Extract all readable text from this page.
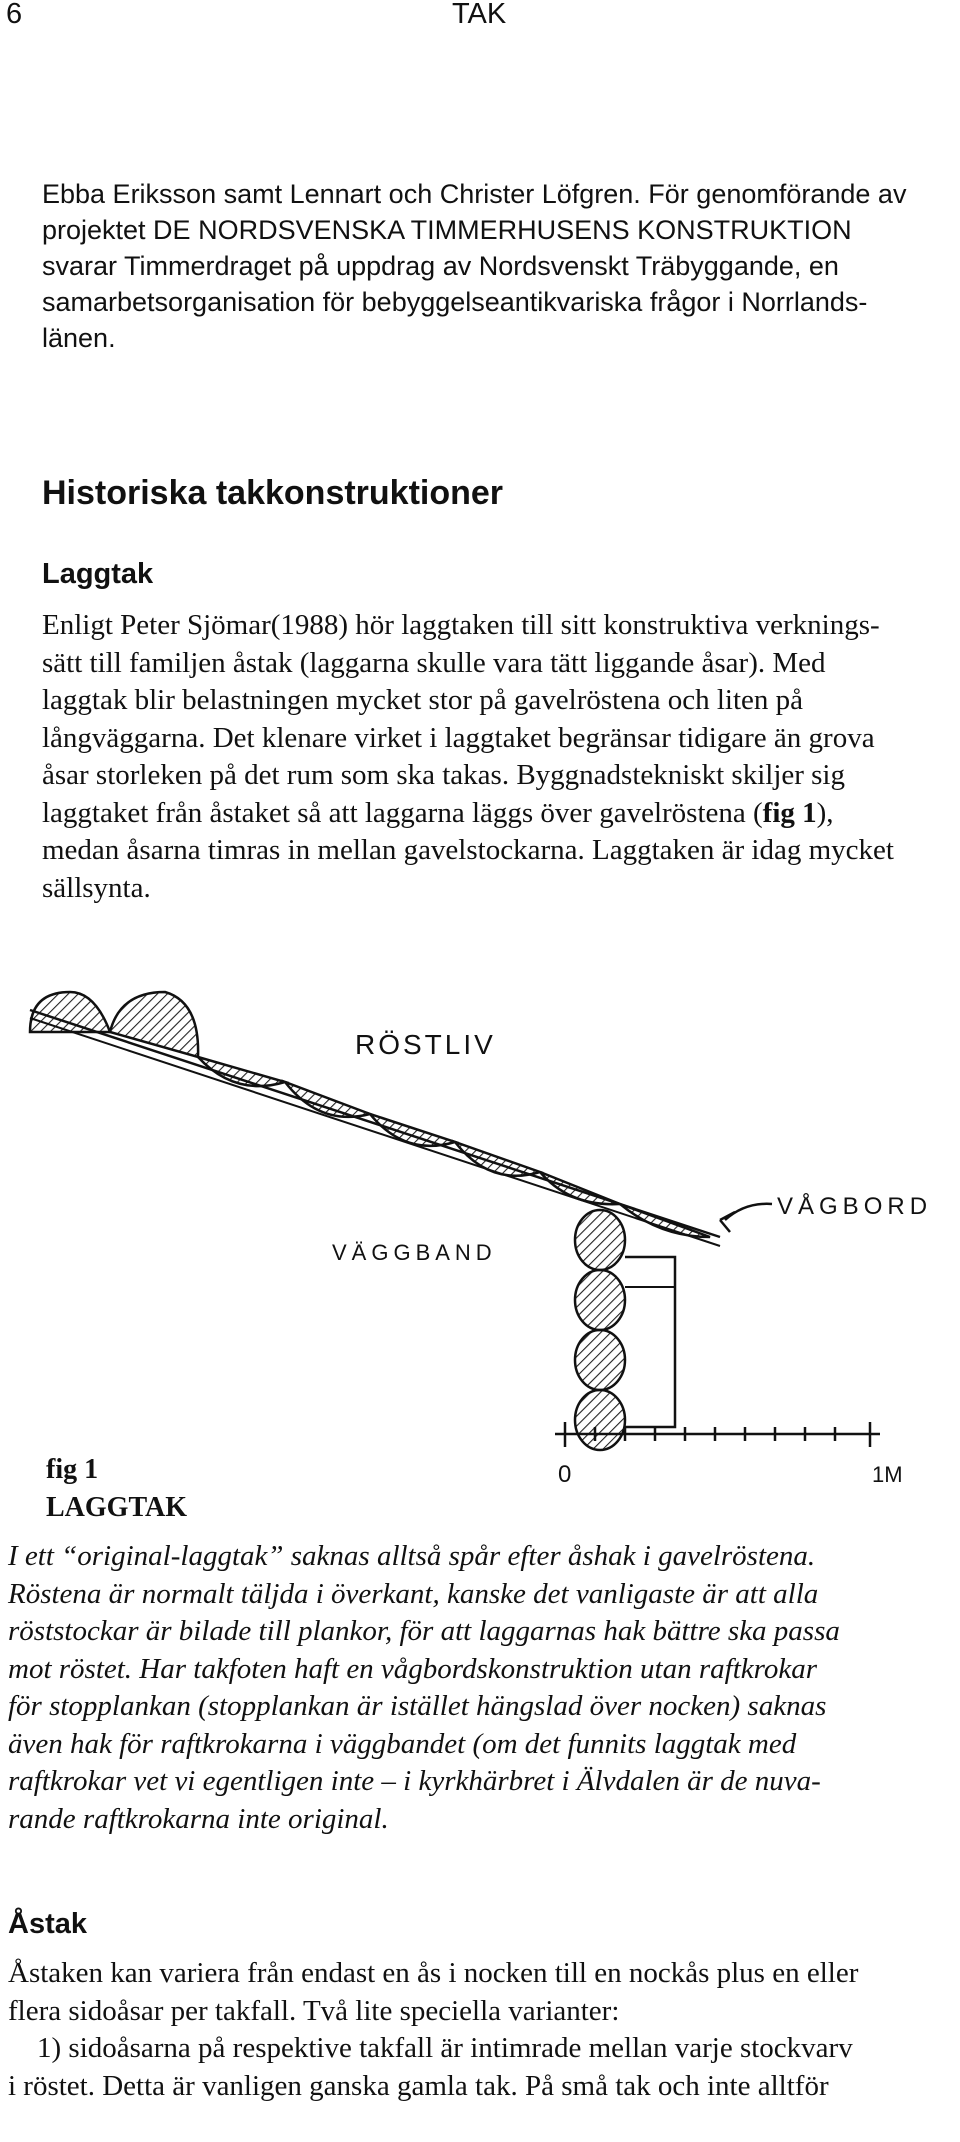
6	TAK

Ebba Eriksson samt Lennart och Christer Löfgren. För genomförande av
projektet DE NORDSVENSKA TIMMERHUSENS KONSTRUKTION
svarar Timmerdraget på uppdrag av Nordsvenskt Träbyggande, en
samarbetsorganisation för bebyggelseantikvariska frågor i Norrlands-
länen.

Historiska takkonstruktioner
Laggtak

Enligt Peter Sjömar(1988) hör laggtaken till sitt konstruktiva verknings-
sätt till familjen åstak (laggarna skulle vara tätt liggande åsar). Med
laggtak blir belastningen mycket stor på gavelröstena och liten på
långväggarna. Det klenare virket i laggtaket begränsar tidigare än grova
åsar storleken på det rum som ska takas. Byggnadstekniskt skiljer sig
laggtaket från åstaket så att laggarna läggs över gavelröstena (fig 1),
medan åsarna timras in mellan gavelstockarna. Laggtaken är idag mycket
sällsynta.

RÖSTLIV
VÅGBORD
VÄGGBAND
0	1M
fig 1
LAGGTAK

I ett “original-laggtak” saknas alltså spår efter åshak i gavelröstena.
Röstena är normalt täljda i överkant, kanske det vanligaste är att alla
röststockar är bilade till plankor, för att laggarnas hak bättre ska passa
mot röstet. Har takfoten haft en vågbordskonstruktion utan raftkrokar
för stopplankan (stopplankan är istället hängslad över nocken) saknas
även hak för raftkrokarna i väggbandet (om det funnits laggtak med
raftkrokar vet vi egentligen inte – i kyrkhärbret i Älvdalen är de nuva-
rande raftkrokarna inte original.

Åstak

Åstaken kan variera från endast en ås i nocken till en nockås plus en eller
flera sidoåsar per takfall. Två lite speciella varianter:
1) sidoåsarna på respektive takfall är intimrade mellan varje stockvarv
i röstet. Detta är vanligen ganska gamla tak. På små tak och inte alltför
